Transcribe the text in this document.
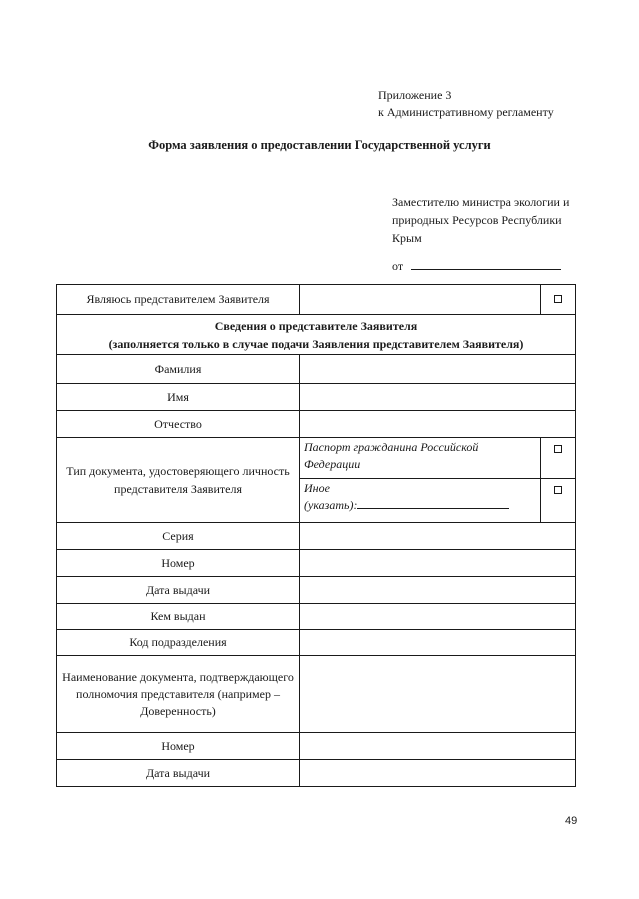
Приложение 3
к Административному регламенту
Форма заявления о предоставлении Государственной услуги
Заместителю министра экологии и
природных Ресурсов Республики
Крым
от
Являюсь представителем Заявителя		

Сведения о представителе Заявителя
(заполняется только в случае подачи Заявления представителем Заявителя)		

Фамилия		
Имя		
Отчество		
Тип документа, удостоверяющего личность представителя Заявителя	Паспорт гражданина Российской Федерации	

	Иное
(указать):	

Серия		
Номер		
Дата выдачи		
Кем выдан		
Код подразделения		
Наименование документа, подтверждающего полномочия представителя (например – Доверенность)		
Номер		
Дата выдачи		
49
